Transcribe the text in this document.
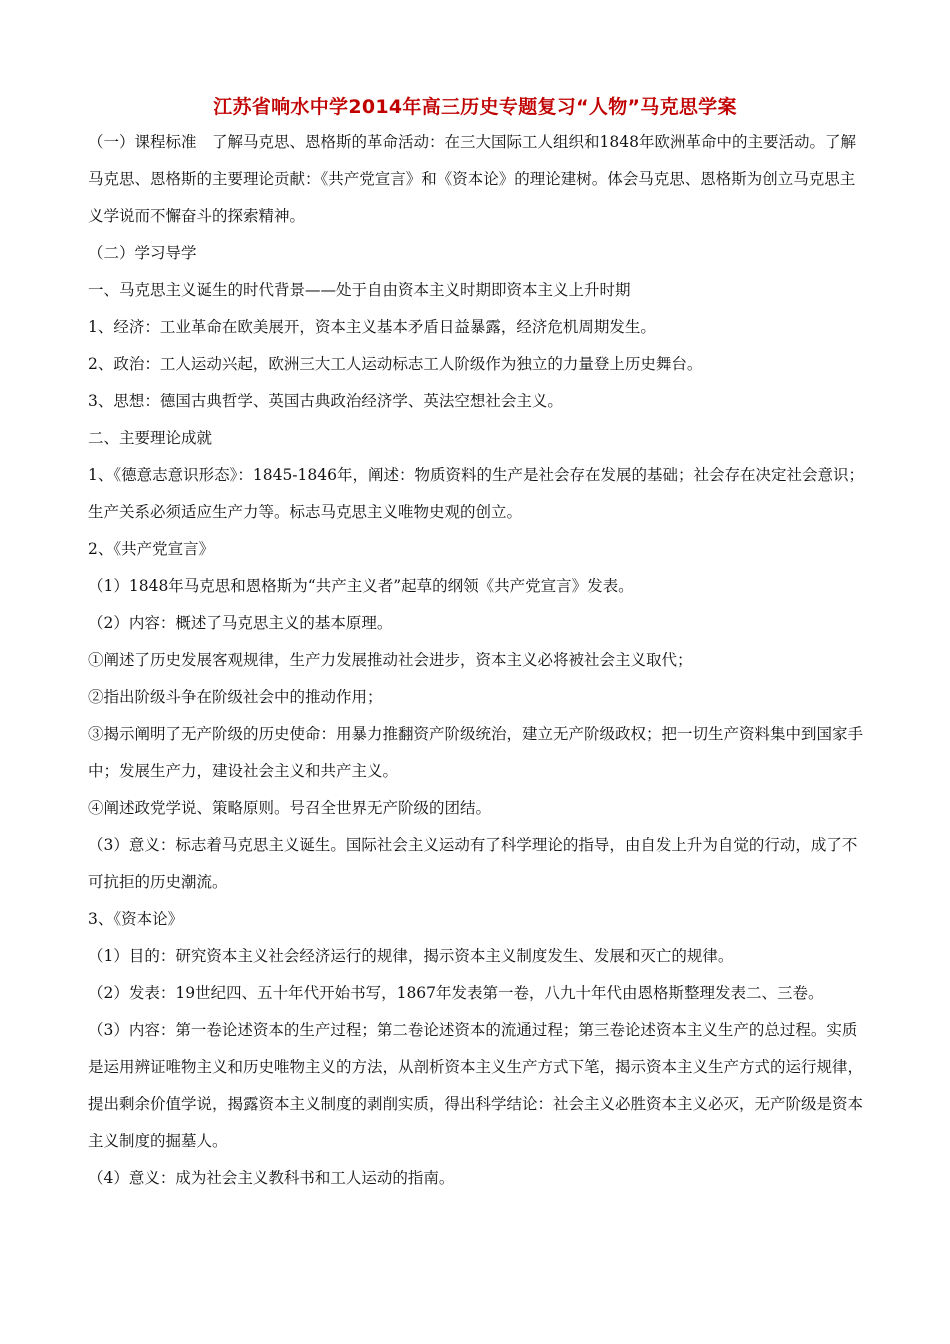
江苏省响水中学2014年高三历史专题复习“人物”马克思学案

（一）课程标准　了解马克思、恩格斯的革命活动：在三大国际工人组织和1848年欧洲革命中的主要活动。了解马克思、恩格斯的主要理论贡献：《共产党宣言》和《资本论》的理论建树。体会马克思、恩格斯为创立马克思主义学说而不懈奋斗的探索精神。

（二）学习导学

一、马克思主义诞生的时代背景——处于自由资本主义时期即资本主义上升时期

1、经济：工业革命在欧美展开，资本主义基本矛盾日益暴露，经济危机周期发生。

2、政治：工人运动兴起，欧洲三大工人运动标志工人阶级作为独立的力量登上历史舞台。

3、思想：德国古典哲学、英国古典政治经济学、英法空想社会主义。

二、主要理论成就

1、《德意志意识形态》：1845-1846年，阐述：物质资料的生产是社会存在发展的基础；社会存在决定社会意识；生产关系必须适应生产力等。标志马克思主义唯物史观的创立。

2、《共产党宣言》

（1）1848年马克思和恩格斯为“共产主义者”起草的纲领《共产党宣言》发表。

（2）内容：概述了马克思主义的基本原理。

①阐述了历史发展客观规律，生产力发展推动社会进步，资本主义必将被社会主义取代；

②指出阶级斗争在阶级社会中的推动作用；

③揭示阐明了无产阶级的历史使命：用暴力推翻资产阶级统治，建立无产阶级政权；把一切生产资料集中到国家手中；发展生产力，建设社会主义和共产主义。

④阐述政党学说、策略原则。号召全世界无产阶级的团结。

（3）意义：标志着马克思主义诞生。国际社会主义运动有了科学理论的指导，由自发上升为自觉的行动，成了不可抗拒的历史潮流。

3、《资本论》

（1）目的：研究资本主义社会经济运行的规律，揭示资本主义制度发生、发展和灭亡的规律。

（2）发表：19世纪四、五十年代开始书写，1867年发表第一卷，八九十年代由恩格斯整理发表二、三卷。

（3）内容：第一卷论述资本的生产过程；第二卷论述资本的流通过程；第三卷论述资本主义生产的总过程。实质是运用辨证唯物主义和历史唯物主义的方法，从剖析资本主义生产方式下笔，揭示资本主义生产方式的运行规律，提出剩余价值学说，揭露资本主义制度的剥削实质，得出科学结论：社会主义必胜资本主义必灭，无产阶级是资本主义制度的掘墓人。

（4）意义：成为社会主义教科书和工人运动的指南。
